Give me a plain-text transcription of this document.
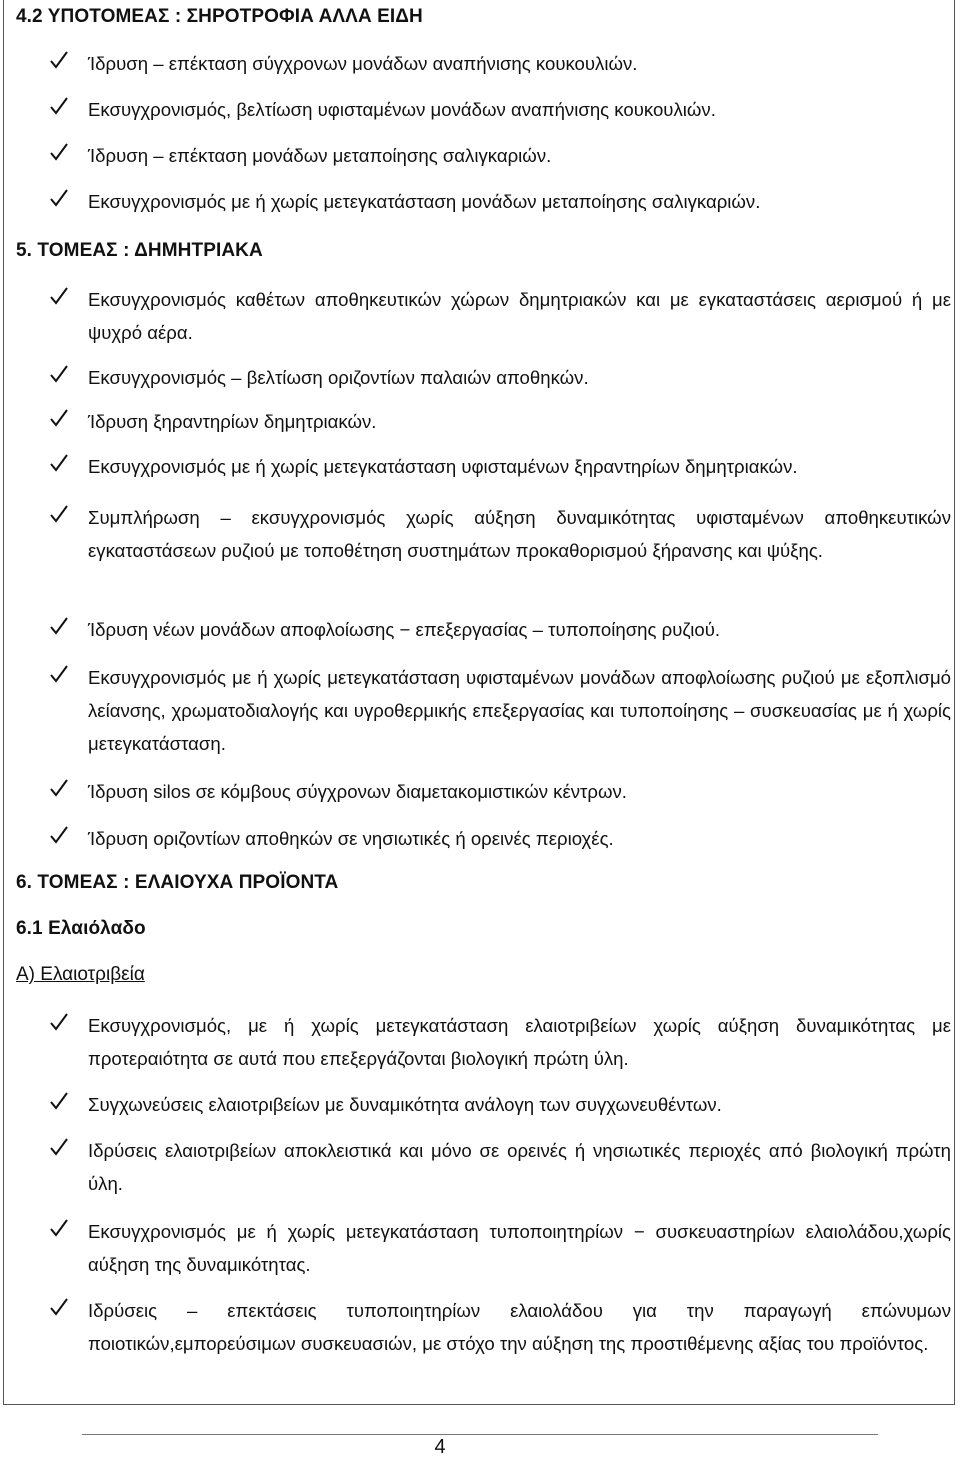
4.2 ΥΠΟΤΟΜΕΑΣ : ΣΗΡΟΤΡΟΦΙΑ ΑΛΛΑ ΕΙΔΗ
Ίδρυση – επέκταση σύγχρονων μονάδων αναπήνισης κουκουλιών.
Εκσυγχρονισμός, βελτίωση υφισταμένων μονάδων αναπήνισης κουκουλιών.
Ίδρυση – επέκταση μονάδων μεταποίησης σαλιγκαριών.
Εκσυγχρονισμός με ή χωρίς μετεγκατάσταση μονάδων μεταποίησης σαλιγκαριών.
5. ΤΟΜΕΑΣ : ΔΗΜΗΤΡΙΑΚΑ
Εκσυγχρονισμός καθέτων αποθηκευτικών χώρων δημητριακών και με εγκαταστάσεις αερισμού ή με ψυχρό αέρα.
Εκσυγχρονισμός – βελτίωση οριζοντίων παλαιών αποθηκών.
Ίδρυση ξηραντηρίων δημητριακών.
Εκσυγχρονισμός με ή χωρίς μετεγκατάσταση υφισταμένων ξηραντηρίων δημητριακών.
Συμπλήρωση – εκσυγχρονισμός χωρίς αύξηση δυναμικότητας υφισταμένων αποθηκευτικών εγκαταστάσεων ρυζιού με τοποθέτηση συστημάτων προκαθορισμού ξήρανσης και ψύξης.
Ίδρυση νέων μονάδων αποφλοίωσης − επεξεργασίας – τυποποίησης ρυζιού.
Εκσυγχρονισμός με ή χωρίς μετεγκατάσταση υφισταμένων μονάδων αποφλοίωσης ρυζιού με εξοπλισμό λείανσης, χρωματοδιαλογής και υγροθερμικής επεξεργασίας και τυποποίησης – συσκευασίας με ή χωρίς μετεγκατάσταση.
Ίδρυση silos σε κόμβους σύγχρονων διαμετακομιστικών κέντρων.
Ίδρυση οριζοντίων αποθηκών σε νησιωτικές ή ορεινές περιοχές.
6. ΤΟΜΕΑΣ : ΕΛΑΙΟΥΧΑ ΠΡΟΪΟΝΤΑ
6.1 Ελαιόλαδο
Α) Ελαιοτριβεία
Εκσυγχρονισμός, με ή χωρίς μετεγκατάσταση ελαιοτριβείων χωρίς αύξηση δυναμικότητας με προτεραιότητα σε αυτά που επεξεργάζονται βιολογική πρώτη ύλη.
Συγχωνεύσεις ελαιοτριβείων με δυναμικότητα ανάλογη των συγχωνευθέντων.
Ιδρύσεις ελαιοτριβείων αποκλειστικά και μόνο σε ορεινές ή νησιωτικές περιοχές από βιολογική πρώτη ύλη.
Εκσυγχρονισμός με ή χωρίς μετεγκατάσταση τυποποιητηρίων − συσκευαστηρίων ελαιολάδου,χωρίς αύξηση της δυναμικότητας.
Ιδρύσεις – επεκτάσεις τυποποιητηρίων ελαιολάδου για την παραγωγή επώνυμων ποιοτικών,εμπορεύσιμων συσκευασιών, με στόχο την αύξηση της προστιθέμενης αξίας του προϊόντος.
4
